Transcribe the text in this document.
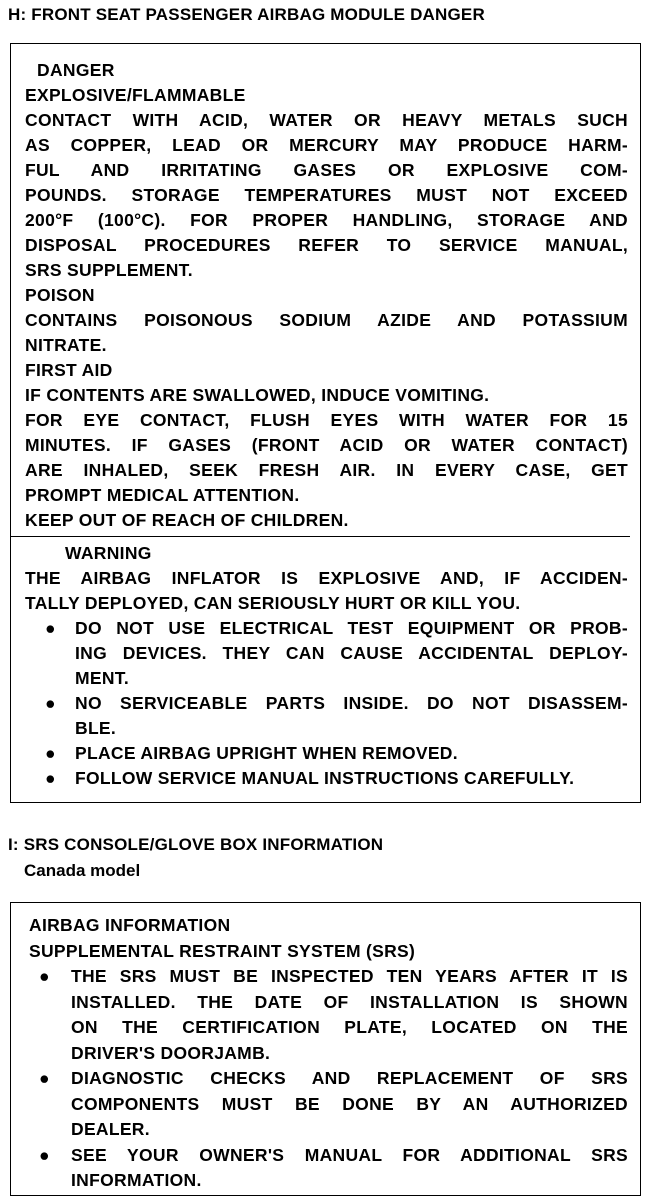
H: FRONT SEAT PASSENGER AIRBAG MODULE DANGER
DANGER
EXPLOSIVE/FLAMMABLE
CONTACT WITH ACID, WATER OR HEAVY METALS SUCH
AS COPPER, LEAD OR MERCURY MAY PRODUCE HARM-
FUL AND IRRITATING GASES OR EXPLOSIVE COM-
POUNDS. STORAGE TEMPERATURES MUST NOT EXCEED
200°F (100°C). FOR PROPER HANDLING, STORAGE AND
DISPOSAL PROCEDURES REFER TO SERVICE MANUAL,
SRS SUPPLEMENT.
POISON
CONTAINS POISONOUS SODIUM AZIDE AND POTASSIUM
NITRATE.
FIRST AID
IF CONTENTS ARE SWALLOWED, INDUCE VOMITING.
FOR EYE CONTACT, FLUSH EYES WITH WATER FOR 15
MINUTES. IF GASES (FRONT ACID OR WATER CONTACT)
ARE INHALED, SEEK FRESH AIR. IN EVERY CASE, GET
PROMPT MEDICAL ATTENTION.
KEEP OUT OF REACH OF CHILDREN.
WARNING
THE AIRBAG INFLATOR IS EXPLOSIVE AND, IF ACCIDEN-
TALLY DEPLOYED, CAN SERIOUSLY HURT OR KILL YOU.
● DO NOT USE ELECTRICAL TEST EQUIPMENT OR PROB-
ING DEVICES. THEY CAN CAUSE ACCIDENTAL DEPLOY-
MENT.
● NO SERVICEABLE PARTS INSIDE. DO NOT DISASSEM-
BLE.
● PLACE AIRBAG UPRIGHT WHEN REMOVED.
● FOLLOW SERVICE MANUAL INSTRUCTIONS CAREFULLY.
I: SRS CONSOLE/GLOVE BOX INFORMATION
Canada model
AIRBAG INFORMATION
SUPPLEMENTAL RESTRAINT SYSTEM (SRS)
● THE SRS MUST BE INSPECTED TEN YEARS AFTER IT IS
INSTALLED. THE DATE OF INSTALLATION IS SHOWN
ON THE CERTIFICATION PLATE, LOCATED ON THE
DRIVER'S DOORJAMB.
● DIAGNOSTIC CHECKS AND REPLACEMENT OF SRS
COMPONENTS MUST BE DONE BY AN AUTHORIZED
DEALER.
● SEE YOUR OWNER'S MANUAL FOR ADDITIONAL SRS
INFORMATION.
